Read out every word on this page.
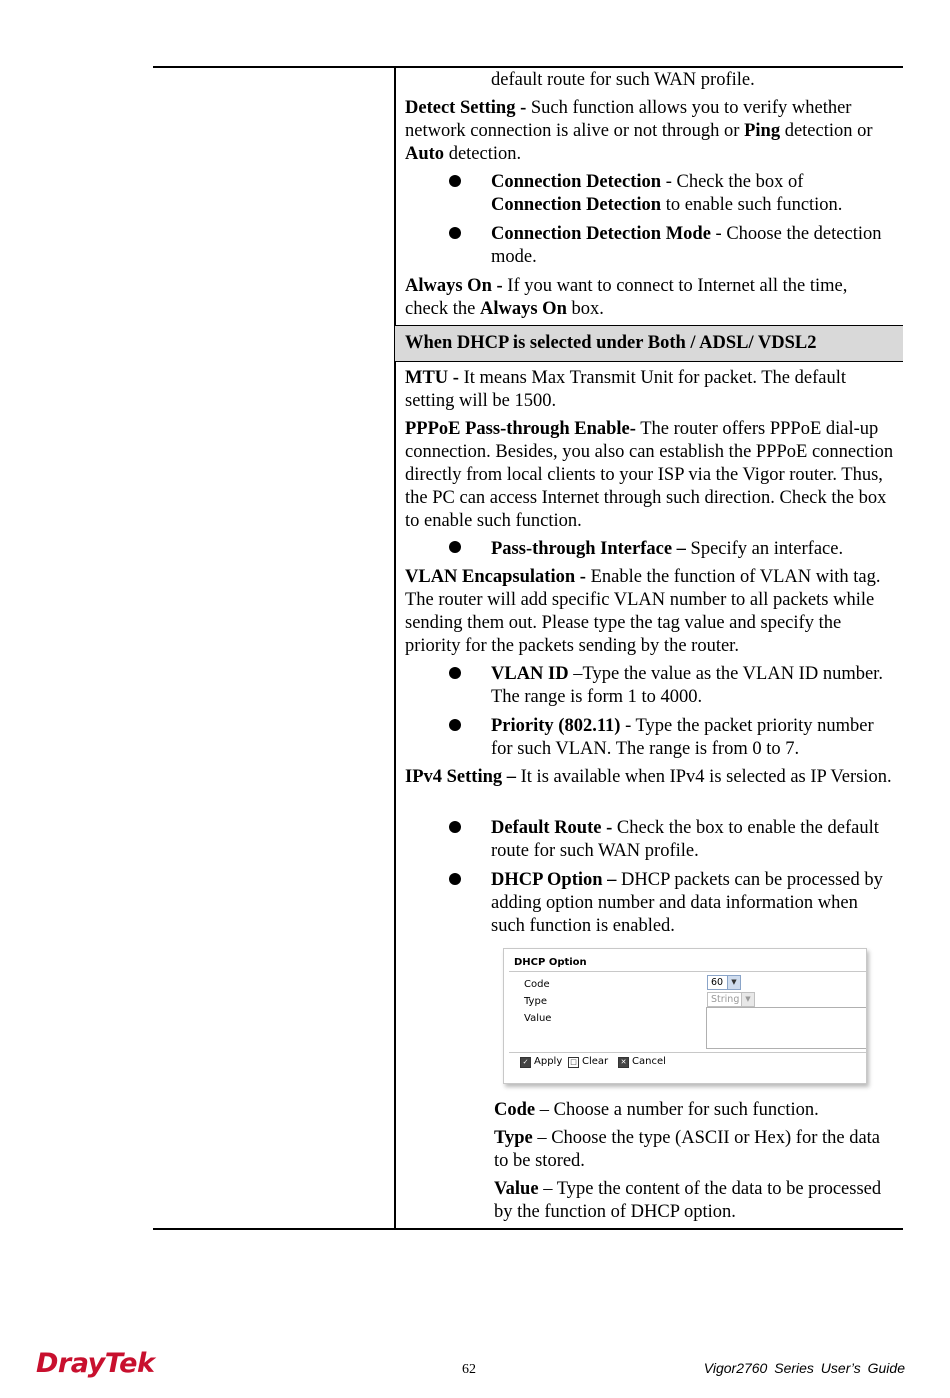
default route for such WAN profile.

Detect Setting - Such function allows you to verify whether network connection is alive or not through or Ping detection or Auto detection.

Connection Detection - Check the box of Connection Detection to enable such function.
Connection Detection Mode - Choose the detection mode.

Always On - If you want to connect to Internet all the time, check the Always On box.

When DHCP is selected under Both / ADSL/ VDSL2

MTU - It means Max Transmit Unit for packet. The default setting will be 1500.

PPPoE Pass-through Enable- The router offers PPPoE dial-up connection. Besides, you also can establish the PPPoE connection directly from local clients to your ISP via the Vigor router. Thus, the PC can access Internet through such direction. Check the box to enable such function.

Pass-through Interface – Specify an interface.

VLAN Encapsulation - Enable the function of VLAN with tag. The router will add specific VLAN number to all packets while sending them out. Please type the tag value and specify the priority for the packets sending by the router.

VLAN ID –Type the value as the VLAN ID number. The range is form 1 to 4000.
Priority (802.11) - Type the packet priority number for such VLAN. The range is from 0 to 7.

IPv4 Setting – It is available when IPv4 is selected as IP Version.

Default Route - Check the box to enable the default route for such WAN profile.
DHCP Option – DHCP packets can be processed by adding option number and data information when such function is enabled.
DHCP Option
Code	60	▼
Type	String ▼
Value
✓ Apply	□ Clear	✕ Cancel
Code – Choose a number for such function.
Type – Choose the type (ASCII or Hex) for the data to be stored.
Value – Type the content of the data to be processed by the function of DHCP option.
DrayTek	62	Vigor2760 Series User’s Guide
